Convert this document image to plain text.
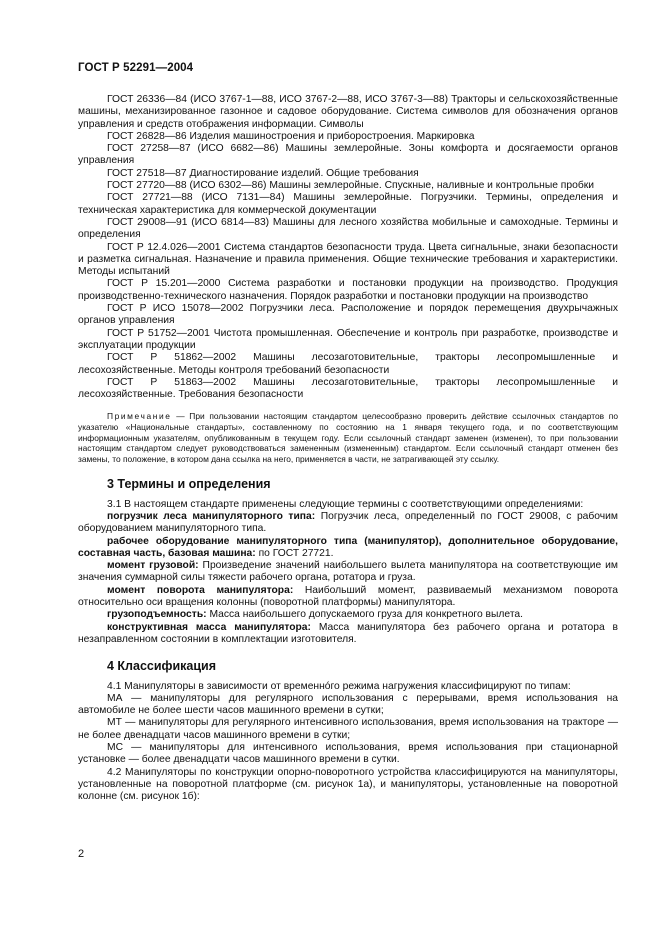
ГОСТ Р 52291—2004

ГОСТ 26336—84 (ИСО 3767-1—88, ИСО 3767-2—88, ИСО 3767-3—88) Тракторы и сельскохозяйственные машины, механизированное газонное и садовое оборудование. Система символов для обозначения органов управления и средств отображения информации. Символы

ГОСТ 26828—86 Изделия машиностроения и приборостроения. Маркировка

ГОСТ 27258—87 (ИСО 6682—86) Машины землеройные. Зоны комфорта и досягаемости органов управления

ГОСТ 27518—87 Диагностирование изделий. Общие требования

ГОСТ 27720—88 (ИСО 6302—86) Машины землеройные. Спускные, наливные и контрольные пробки

ГОСТ 27721—88 (ИСО 7131—84) Машины землеройные. Погрузчики. Термины, определения и техническая характеристика для коммерческой документации

ГОСТ 29008—91 (ИСО 6814—83) Машины для лесного хозяйства мобильные и самоходные. Термины и определения

ГОСТ Р 12.4.026—2001 Система стандартов безопасности труда. Цвета сигнальные, знаки безопасности и разметка сигнальная. Назначение и правила применения. Общие технические требования и характеристики. Методы испытаний

ГОСТ Р 15.201—2000 Система разработки и постановки продукции на производство. Продукция производственно-технического назначения. Порядок разработки и постановки продукции на производство

ГОСТ Р ИСО 15078—2002 Погрузчики леса. Расположение и порядок перемещения двухрычажных органов управления

ГОСТ Р 51752—2001 Чистота промышленная. Обеспечение и контроль при разработке, производстве и эксплуатации продукции

ГОСТ Р 51862—2002 Машины лесозаготовительные, тракторы лесопромышленные и лесохозяйственные. Методы контроля требований безопасности

ГОСТ Р 51863—2002 Машины лесозаготовительные, тракторы лесопромышленные и лесохозяйственные. Требования безопасности

Примечание — При пользовании настоящим стандартом целесообразно проверить действие ссылочных стандартов по указателю «Национальные стандарты», составленному по состоянию на 1 января текущего года, и по соответствующим информационным указателям, опубликованным в текущем году. Если ссылочный стандарт заменен (изменен), то при пользовании настоящим стандартом следует руководствоваться замененным (измененным) стандартом. Если ссылочный стандарт отменен без замены, то положение, в котором дана ссылка на него, применяется в части, не затрагивающей эту ссылку.

3 Термины и определения

3.1 В настоящем стандарте применены следующие термины с соответствующими определениями:

погрузчик леса манипуляторного типа: Погрузчик леса, определенный по ГОСТ 29008, с рабочим оборудованием манипуляторного типа.

рабочее оборудование манипуляторного типа (манипулятор), дополнительное оборудование, составная часть, базовая машина: по ГОСТ 27721.

момент грузовой: Произведение значений наибольшего вылета манипулятора на соответствующие им значения суммарной силы тяжести рабочего органа, ротатора и груза.

момент поворота манипулятора: Наибольший момент, развиваемый механизмом поворота относительно оси вращения колонны (поворотной платформы) манипулятора.

грузоподъемность: Масса наибольшего допускаемого груза для конкретного вылета.

конструктивная масса манипулятора: Масса манипулятора без рабочего органа и ротатора в незаправленном состоянии в комплектации изготовителя.

4 Классификация

4.1 Манипуляторы в зависимости от временнóго режима нагружения классифицируют по типам:

МА — манипуляторы для регулярного использования с перерывами, время использования на автомобиле не более шести часов машинного времени в сутки;

МТ — манипуляторы для регулярного интенсивного использования, время использования на тракторе — не более двенадцати часов машинного времени в сутки;

МС — манипуляторы для интенсивного использования, время использования при стационарной установке — более двенадцати часов машинного времени в сутки.

4.2 Манипуляторы по конструкции опорно-поворотного устройства классифицируются на манипуляторы, установленные на поворотной платформе (см. рисунок 1а), и манипуляторы, установленные на поворотной колонне (см. рисунок 1б):

2
